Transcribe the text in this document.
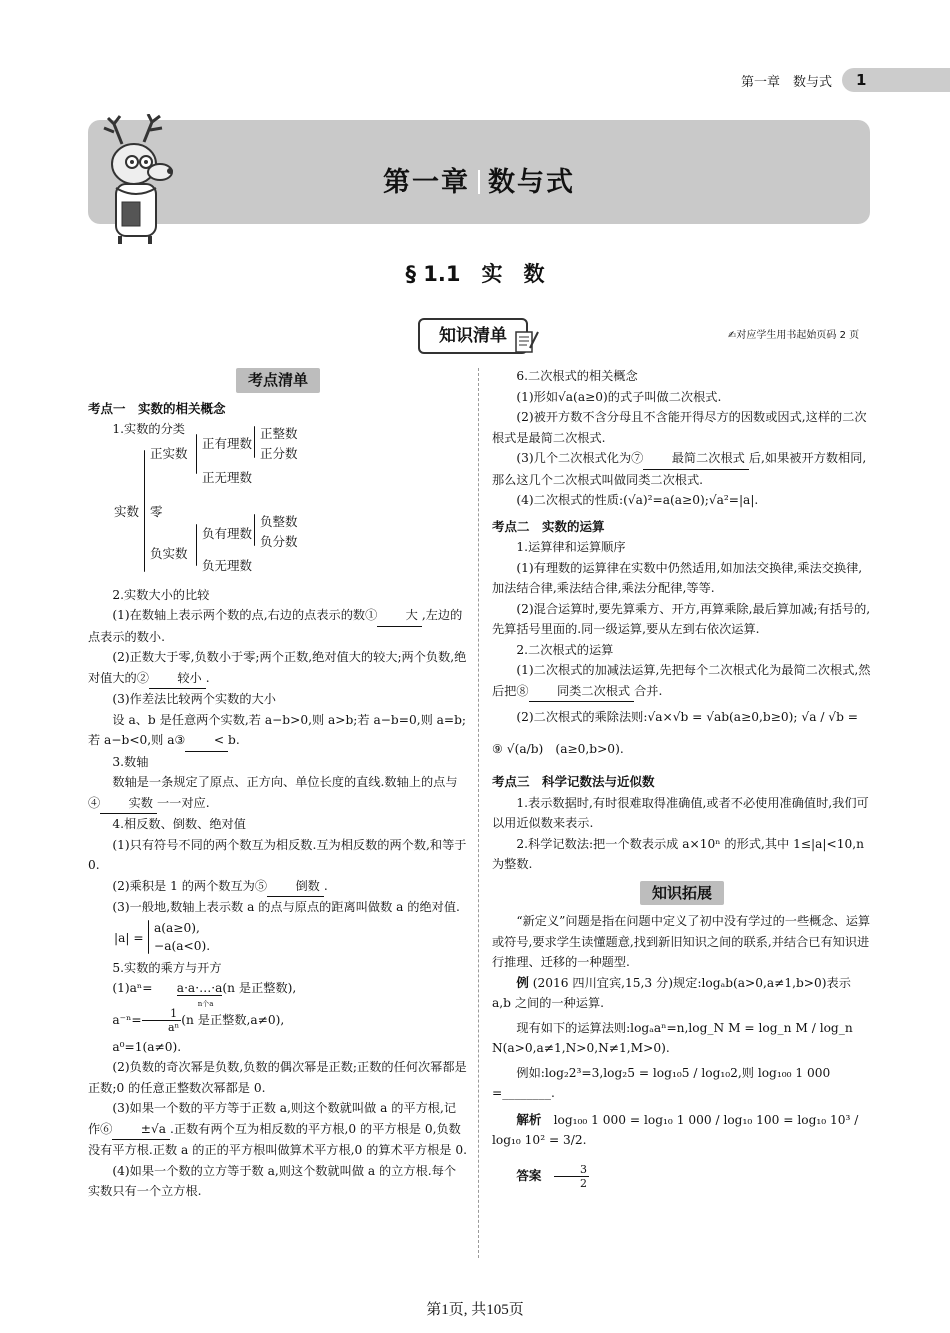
第一章　数与式	1
第一章 数与式
§ 1.1　实　数
知识清单	✍对应学生用书起始页码 2 页
考点清单

考点一　实数的相关概念

1.实数的分类

实数
正实数
零
负实数
正有理数
正无理数
正整数
正分数
负有理数
负无理数
负整数
负分数

2.实数大小的比较

(1)在数轴上表示两个数的点,右边的点表示的数① 大 ,左边的点表示的数小.

(2)正数大于零,负数小于零;两个正数,绝对值大的较大;两个负数,绝对值大的② 较小 .

(3)作差法比较两个实数的大小

设 a、b 是任意两个实数,若 a−b>0,则 a>b;若 a−b=0,则 a=b;若 a−b<0,则 a③ < b.

3.数轴

数轴是一条规定了原点、正方向、单位长度的直线.数轴上的点与④ 实数 一一对应.

4.相反数、倒数、绝对值

(1)只有符号不同的两个数互为相反数.互为相反数的两个数,和等于 0.

(2)乘积是 1 的两个数互为⑤ 倒数 .

(3)一般地,数轴上表示数 a 的点与原点的距离叫做数 a 的绝对值.

|a| =
a(a≥0),
−a(a<0).

5.实数的乘方与开方

(1)aⁿ= a·a·…·a
n个a
(n 是正整数),

$a^{-n}= \frac{1}{\text{aⁿ}} (n$ 是正整数,a≠0),

a⁰=1(a≠0).

(2)负数的奇次幂是负数,负数的偶次幂是正数;正数的任何次幂都是正数;0 的任意正整数次幂都是 0.

(3)如果一个数的平方等于正数 a,则这个数就叫做 a 的平方根,记作⑥ ±√a .正数有两个互为相反数的平方根,0 的平方根是 0,负数没有平方根.正数 a 的正的平方根叫做算术平方根,0 的算术平方根是 0.

(4)如果一个数的立方等于数 a,则这个数就叫做 a 的立方根.每个实数只有一个立方根.

6.二次根式的相关概念

(1)形如√a(a≥0)的式子叫做二次根式.

(2)被开方数不含分母且不含能开得尽方的因数或因式,这样的二次根式是最简二次根式.

(3)几个二次根式化为⑦ 最简二次根式 后,如果被开方数相同,那么这几个二次根式叫做同类二次根式.

(4)二次根式的性质:(√a)²=a(a≥0);√a²=|a|.

考点二　实数的运算

1.运算律和运算顺序

(1)有理数的运算律在实数中仍然适用,如加法交换律,乘法交换律,加法结合律,乘法结合律,乘法分配律,等等.

(2)混合运算时,要先算乘方、开方,再算乘除,最后算加减;有括号的,先算括号里面的.同一级运算,要从左到右依次运算.

2.二次根式的运算

(1)二次根式的加减法运算,先把每个二次根式化为最简二次根式,然后把⑧ 同类二次根式 合并.

(2)二次根式的乘除法则:√a×√b = √ab(a≥0,b≥0); √a / √b =

⑨ √(a/b)　(a≥0,b>0).

考点三　科学记数法与近似数

1.表示数据时,有时很难取得准确值,或者不必使用准确值时,我们可以用近似数来表示.

2.科学记数法:把一个数表示成 a×10ⁿ 的形式,其中 1≤|a|<10,n 为整数.

知识拓展

“新定义”问题是指在问题中定义了初中没有学过的一些概念、运算或符号,要求学生读懂题意,找到新旧知识之间的联系,并结合已有知识进行推理、迁移的一种题型.

例 (2016 四川宜宾,15,3 分)规定:logₐb(a>0,a≠1,b>0)表示 a,b 之间的一种运算.

现有如下的运算法则:logₐaⁿ=n,log_N M = log_n M / log_n N(a>0,a≠1,N>0,N≠1,M>0).

例如:log₂2³=3,log₂5 = log₁₀5 / log₁₀2,则 log₁₀₀ 1 000 =________.

解析　 log₁₀₀ 1 000 = log₁₀ 1 000 / log₁₀ 100 = log₁₀ 10³ / log₁₀ 10² = 3/2.

答案　 $\frac{3}{2}$

第1页, 共105页
